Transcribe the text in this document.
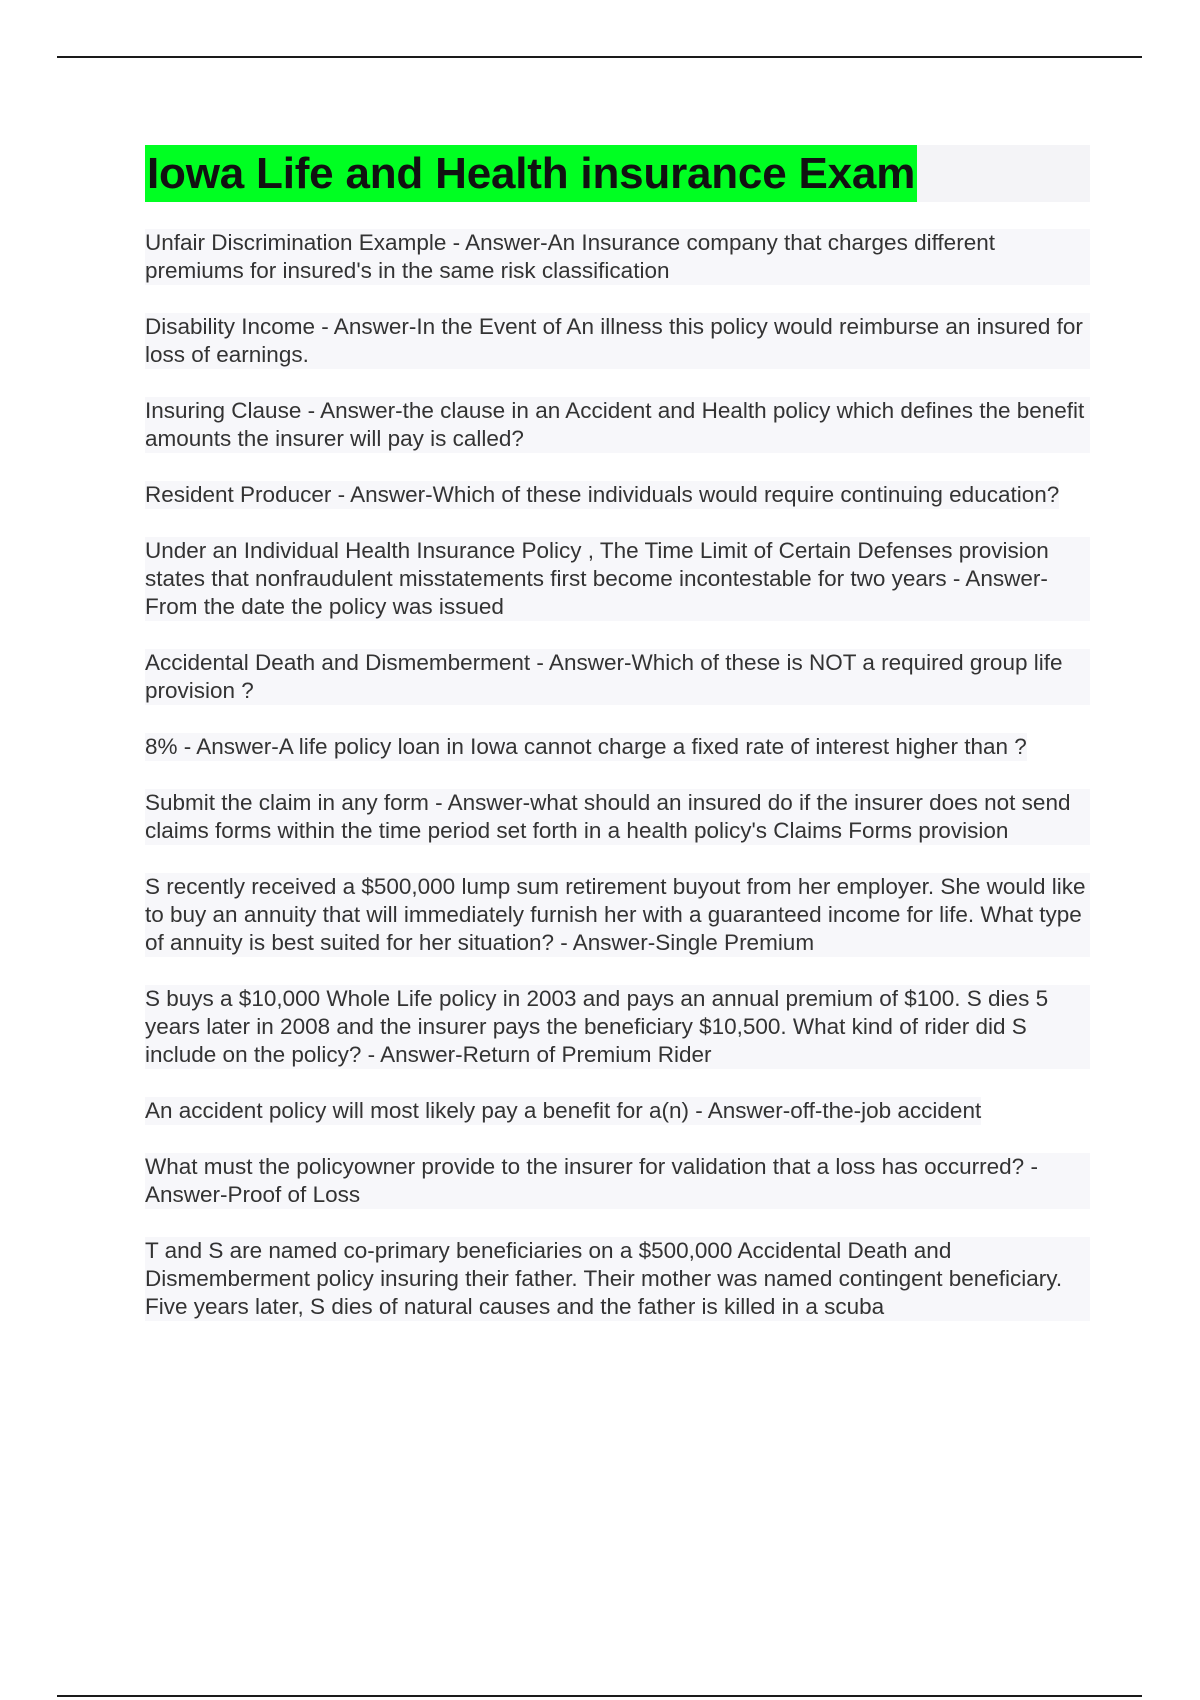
Iowa Life and Health insurance Exam

Unfair Discrimination Example - Answer-An Insurance company that charges different premiums for insured's in the same risk classification

Disability Income - Answer-In the Event of An illness this policy would reimburse an insured for loss of earnings.

Insuring Clause - Answer-the clause in an Accident and Health policy which defines the benefit amounts the insurer will pay is called?

Resident Producer - Answer-Which of these individuals would require continuing education?

Under an Individual Health Insurance Policy , The Time Limit of Certain Defenses provision states that nonfraudulent misstatements first become incontestable for two years - Answer-From the date the policy was issued

Accidental Death and Dismemberment - Answer-Which of these is NOT a required group life provision ?

8% - Answer-A life policy loan in Iowa cannot charge a fixed rate of interest higher than ?

Submit the claim in any form - Answer-what should an insured do if the insurer does not send claims forms within the time period set forth in a health policy's Claims Forms provision

S recently received a $500,000 lump sum retirement buyout from her employer. She would like to buy an annuity that will immediately furnish her with a guaranteed income for life. What type of annuity is best suited for her situation? - Answer-Single Premium

S buys a $10,000 Whole Life policy in 2003 and pays an annual premium of $100. S dies 5 years later in 2008 and the insurer pays the beneficiary $10,500. What kind of rider did S include on the policy? - Answer-Return of Premium Rider

An accident policy will most likely pay a benefit for a(n) - Answer-off-the-job accident

What must the policyowner provide to the insurer for validation that a loss has occurred? - Answer-Proof of Loss

T and S are named co-primary beneficiaries on a $500,000 Accidental Death and Dismemberment policy insuring their father. Their mother was named contingent beneficiary. Five years later, S dies of natural causes and the father is killed in a scuba
